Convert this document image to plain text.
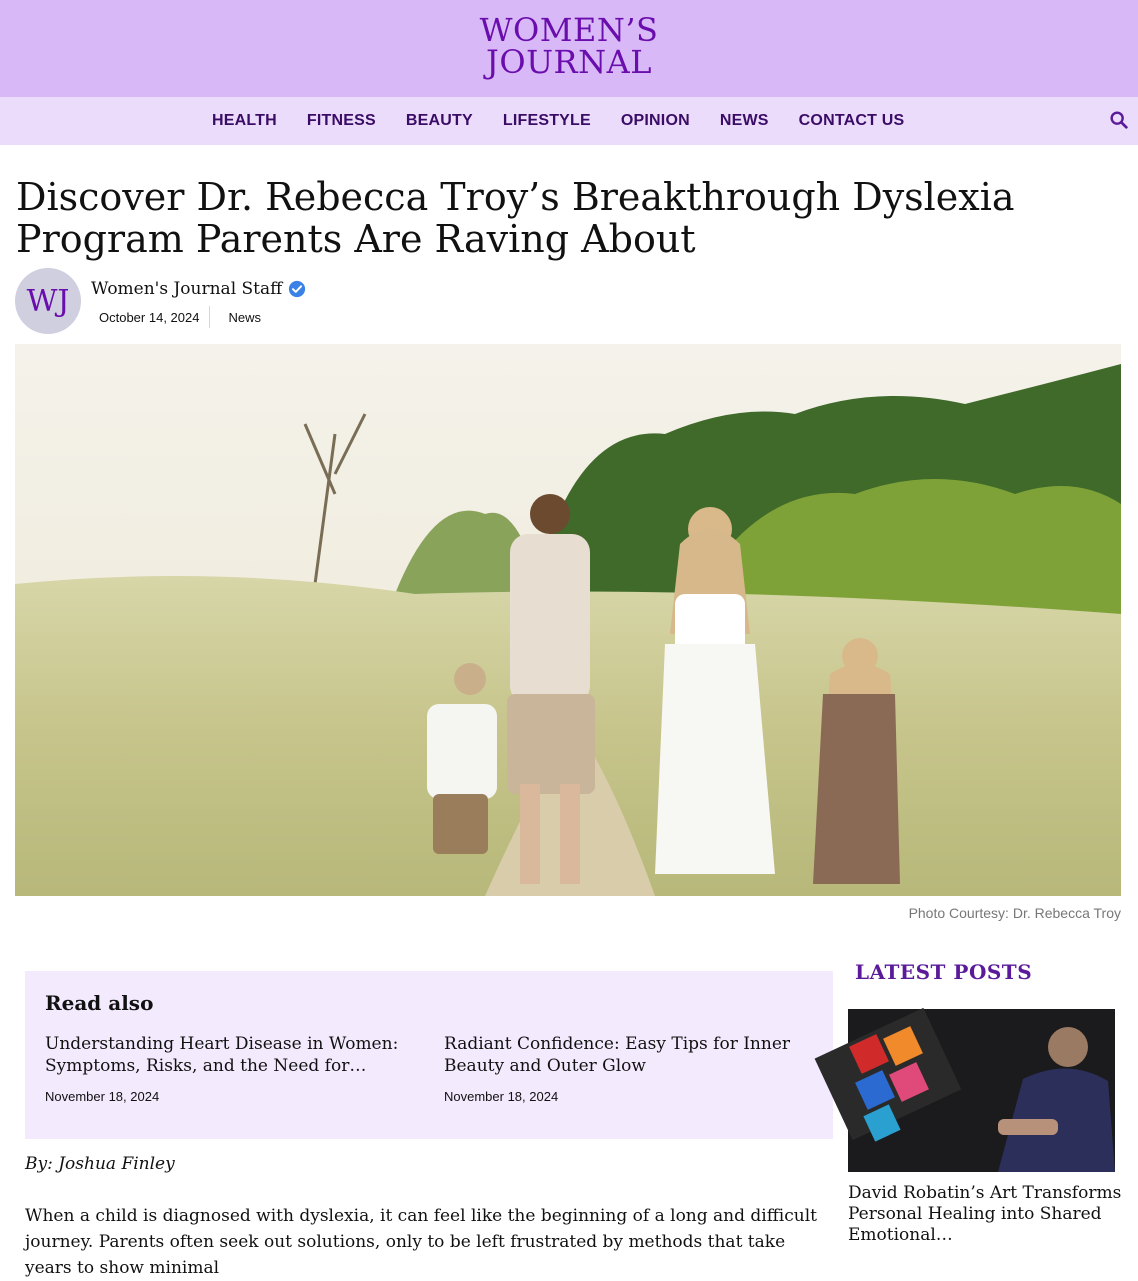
WOMEN’S
JOURNAL
HEALTH FITNESS BEAUTY LIFESTYLE OPINION NEWS CONTACT US
Discover Dr. Rebecca Troy’s Breakthrough Dyslexia Program Parents Are Raving About
WJ	Women's Journal Staff
October 14, 2024 News
Photo Courtesy: Dr. Rebecca Troy
Read also
Understanding Heart Disease in Women: Symptoms, Risks, and the Need for…
November 18, 2024
Radiant Confidence: Easy Tips for Inner Beauty and Outer Glow
November 18, 2024
By: Joshua Finley

When a child is diagnosed with dyslexia, it can feel like the beginning of a long and difficult journey. Parents often seek out solutions, only to be left frustrated by methods that take years to show minimal

LATEST POSTS
David Robatin’s Art Transforms Personal Healing into Shared Emotional…
